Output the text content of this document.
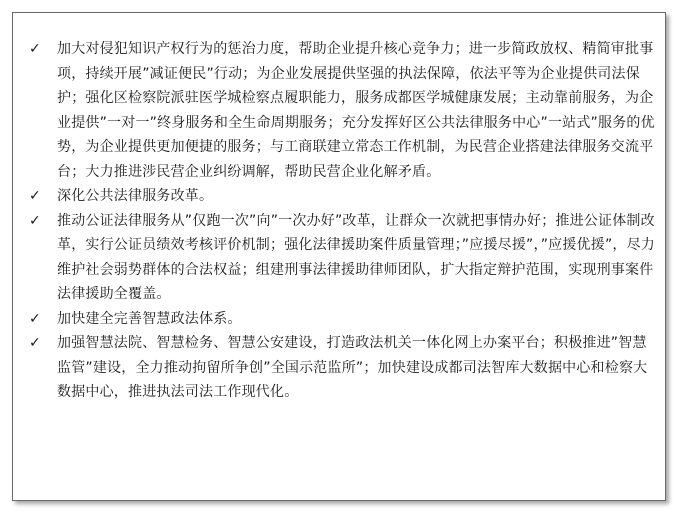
✓	加大对侵犯知识产权行为的惩治力度，帮助企业提升核心竞争力；进一步简政放权、精简审批事项，持续开展”减证便民”行动；为企业发展提供坚强的执法保障，依法平等为企业提供司法保护；强化区检察院派驻医学城检察点履职能力，服务成都医学城健康发展；主动靠前服务，为企业提供”一对一”终身服务和全生命周期服务；充分发挥好区公共法律服务中心”一站式”服务的优势，为企业提供更加便捷的服务；与工商联建立常态工作机制，为民营企业搭建法律服务交流平台；大力推进涉民营企业纠纷调解，帮助民营企业化解矛盾。
✓	深化公共法律服务改革。
✓	推动公证法律服务从”仅跑一次”向”一次办好”改革，让群众一次就把事情办好；推进公证体制改革，实行公证员绩效考核评价机制；强化法律援助案件质量管理；”应援尽援”，”应援优援”，尽力维护社会弱势群体的合法权益；组建刑事法律援助律师团队，扩大指定辩护范围，实现刑事案件法律援助全覆盖。
✓	加快建全完善智慧政法体系。
✓	加强智慧法院、智慧检务、智慧公安建设，打造政法机关一体化网上办案平台；积极推进”智慧监管”建设，全力推动拘留所争创”全国示范监所”；加快建设成都司法智库大数据中心和检察大数据中心，推进执法司法工作现代化。
